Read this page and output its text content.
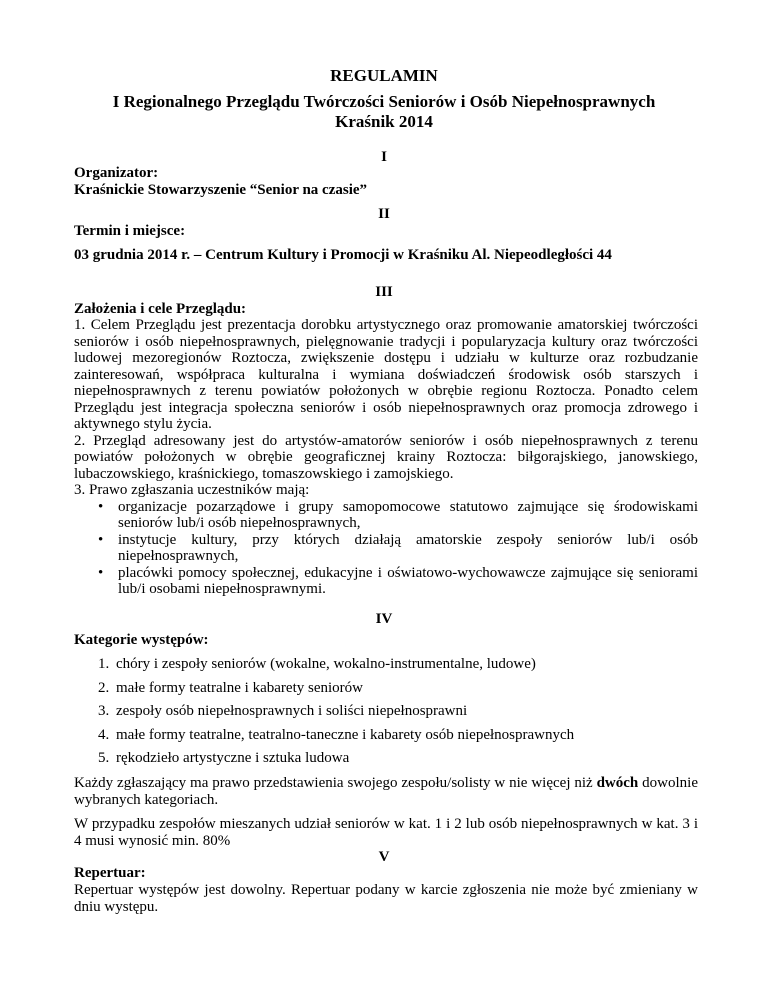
REGULAMIN
I Regionalnego Przeglądu Twórczości Seniorów i Osób Niepełnosprawnych
Kraśnik 2014
I
Organizator:
Kraśnickie Stowarzyszenie “Senior na czasie”
II
Termin i miejsce:
03 grudnia 2014 r. – Centrum Kultury i Promocji w Kraśniku Al. Niepeodległości 44
III
Założenia i cele Przeglądu:

1. Celem Przeglądu jest prezentacja dorobku artystycznego oraz promowanie amatorskiej twórczości seniorów i osób niepełnosprawnych, pielęgnowanie tradycji i popularyzacja kultury oraz twórczości ludowej mezoregionów Roztocza, zwiększenie dostępu i udziału w kulturze oraz rozbudzanie zainteresowań, współpraca kulturalna i wymiana doświadczeń środowisk osób starszych i niepełnosprawnych z terenu powiatów położonych w obrębie regionu Roztocza. Ponadto celem Przeglądu jest integracja społeczna seniorów i osób niepełnosprawnych oraz promocja zdrowego i aktywnego stylu życia.

2. Przegląd adresowany jest do artystów-amatorów seniorów i osób niepełnosprawnych z terenu powiatów położonych w obrębie geograficznej krainy Roztocza: biłgorajskiego, janowskiego, lubaczowskiego, kraśnickiego, tomaszowskiego i zamojskiego.

3. Prawo zgłaszania uczestników mają:

• organizacje pozarządowe i grupy samopomocowe statutowo zajmujące się środowiskami seniorów lub/i osób niepełnosprawnych,
• instytucje kultury, przy których działają amatorskie zespoły seniorów lub/i osób niepełnosprawnych,
• placówki pomocy społecznej, edukacyjne i oświatowo-wychowawcze zajmujące się seniorami lub/i osobami niepełnosprawnymi.
IV
Kategorie występów:
1. chóry i zespoły seniorów (wokalne, wokalno-instrumentalne, ludowe)
2. małe formy teatralne i kabarety seniorów
3. zespoły osób niepełnosprawnych i soliści niepełnosprawni
4. małe formy teatralne, teatralno-taneczne i kabarety osób niepełnosprawnych
5. rękodzieło artystyczne i sztuka ludowa
Każdy zgłaszający ma prawo przedstawienia swojego zespołu/solisty w nie więcej niż dwóch dowolnie wybranych kategoriach.
W przypadku zespołów mieszanych udział seniorów w kat. 1 i 2 lub osób niepełnosprawnych w kat. 3 i 4 musi wynosić min. 80%
V
Repertuar:
Repertuar występów jest dowolny. Repertuar podany w karcie zgłoszenia nie może być zmieniany w dniu występu.
